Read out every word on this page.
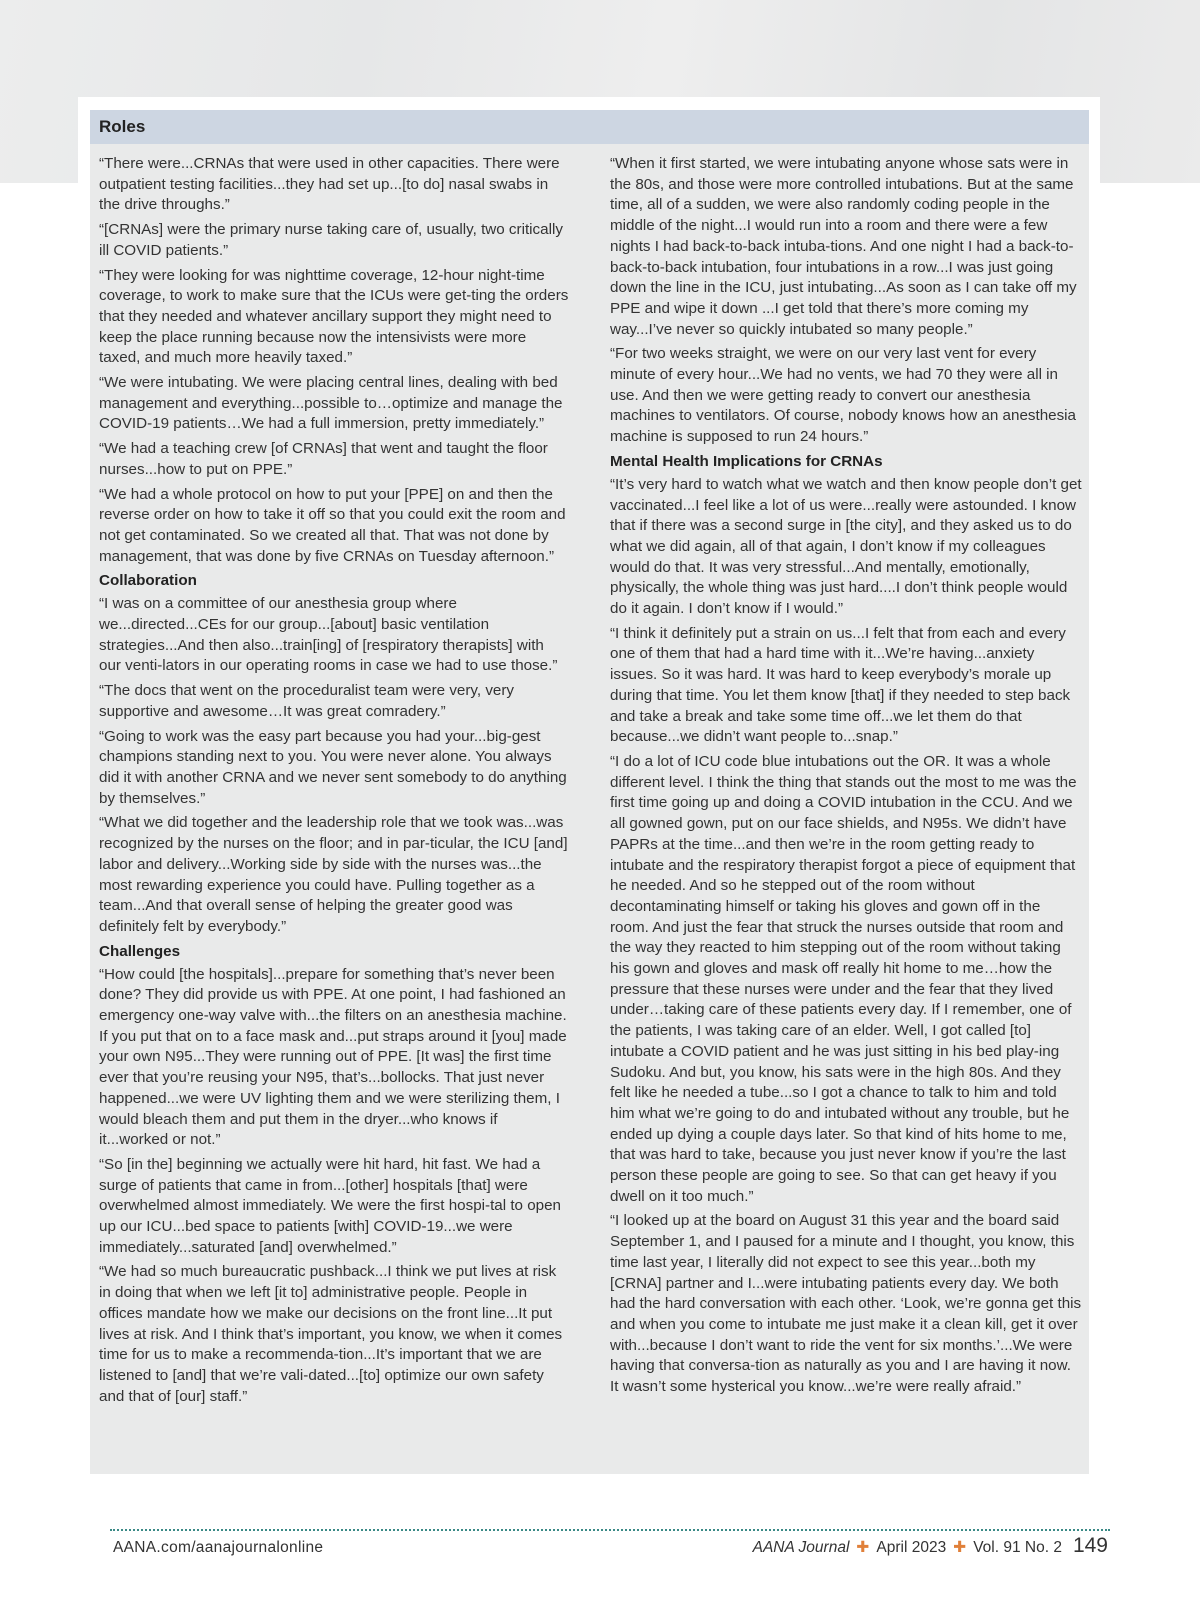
Roles

“There were...CRNAs that were used in other capacities. There were outpatient testing facilities...they had set up...[to do] nasal swabs in the drive throughs.”

“[CRNAs] were the primary nurse taking care of, usually, two critically ill COVID patients.”

“They were looking for was nighttime coverage, 12-hour night-time coverage, to work to make sure that the ICUs were get-ting the orders that they needed and whatever ancillary support they might need to keep the place running because now the intensivists were more taxed, and much more heavily taxed.”

“We were intubating. We were placing central lines, dealing with bed management and everything...possible to…optimize and manage the COVID-19 patients…We had a full immersion, pretty immediately.”

“We had a teaching crew [of CRNAs] that went and taught the floor nurses...how to put on PPE.”

“We had a whole protocol on how to put your [PPE] on and then the reverse order on how to take it off so that you could exit the room and not get contaminated. So we created all that. That was not done by management, that was done by five CRNAs on Tuesday afternoon.”

Collaboration

“I was on a committee of our anesthesia group where we...directed...CEs for our group...[about] basic ventilation strategies...And then also...train[ing] of [respiratory therapists] with our venti-lators in our operating rooms in case we had to use those.”

“The docs that went on the proceduralist team were very, very supportive and awesome…It was great comradery.”

“Going to work was the easy part because you had your...big-gest champions standing next to you. You were never alone. You always did it with another CRNA and we never sent somebody to do anything by themselves.”

“What we did together and the leadership role that we took was...was recognized by the nurses on the floor; and in par-ticular, the ICU [and] labor and delivery...Working side by side with the nurses was...the most rewarding experience you could have. Pulling together as a team...And that overall sense of helping the greater good was definitely felt by everybody.”

Challenges

“How could [the hospitals]...prepare for something that’s never been done? They did provide us with PPE. At one point, I had fashioned an emergency one-way valve with...the filters on an anesthesia machine. If you put that on to a face mask and...put straps around it [you] made your own N95...They were running out of PPE. [It was] the first time ever that you’re reusing your N95, that’s...bollocks. That just never happened...we were UV lighting them and we were sterilizing them, I would bleach them and put them in the dryer...who knows if it...worked or not.”

“So [in the] beginning we actually were hit hard, hit fast. We had a surge of patients that came in from...[other] hospitals [that] were overwhelmed almost immediately. We were the first hospi-tal to open up our ICU...bed space to patients [with] COVID-19...we were immediately...saturated [and] overwhelmed.”

“We had so much bureaucratic pushback...I think we put lives at risk in doing that when we left [it to] administrative people. People in offices mandate how we make our decisions on the front line...It put lives at risk. And I think that’s important, you know, we when it comes time for us to make a recommenda-tion...It’s important that we are listened to [and] that we’re vali-dated...[to] optimize our own safety and that of [our] staff.”

“When it first started, we were intubating anyone whose sats were in the 80s, and those were more controlled intubations. But at the same time, all of a sudden, we were also randomly coding people in the middle of the night...I would run into a room and there were a few nights I had back-to-back intuba-tions. And one night I had a back-to-back-to-back intubation, four intubations in a row...I was just going down the line in the ICU, just intubating...As soon as I can take off my PPE and wipe it down ...I get told that there’s more coming my way...I’ve never so quickly intubated so many people.”

“For two weeks straight, we were on our very last vent for every minute of every hour...We had no vents, we had 70 they were all in use. And then we were getting ready to convert our anesthesia machines to ventilators. Of course, nobody knows how an anesthesia machine is supposed to run 24 hours.”

Mental Health Implications for CRNAs

“It’s very hard to watch what we watch and then know people don’t get vaccinated...I feel like a lot of us were...really were astounded. I know that if there was a second surge in [the city], and they asked us to do what we did again, all of that again, I don’t know if my colleagues would do that. It was very stressful...And mentally, emotionally, physically, the whole thing was just hard....I don’t think people would do it again. I don’t know if I would.”

“I think it definitely put a strain on us...I felt that from each and every one of them that had a hard time with it...We’re having...anxiety issues. So it was hard. It was hard to keep everybody’s morale up during that time. You let them know [that] if they needed to step back and take a break and take some time off...we let them do that because...we didn’t want people to...snap.”

“I do a lot of ICU code blue intubations out the OR. It was a whole different level. I think the thing that stands out the most to me was the first time going up and doing a COVID intubation in the CCU. And we all gowned gown, put on our face shields, and N95s. We didn’t have PAPRs at the time...and then we’re in the room getting ready to intubate and the respiratory therapist forgot a piece of equipment that he needed. And so he stepped out of the room without decontaminating himself or taking his gloves and gown off in the room. And just the fear that struck the nurses outside that room and the way they reacted to him stepping out of the room without taking his gown and gloves and mask off really hit home to me…how the pressure that these nurses were under and the fear that they lived under…taking care of these patients every day. If I remember, one of the patients, I was taking care of an elder. Well, I got called [to] intubate a COVID patient and he was just sitting in his bed play-ing Sudoku. And but, you know, his sats were in the high 80s. And they felt like he needed a tube...so I got a chance to talk to him and told him what we’re going to do and intubated without any trouble, but he ended up dying a couple days later. So that kind of hits home to me, that was hard to take, because you just never know if you’re the last person these people are going to see. So that can get heavy if you dwell on it too much.”

“I looked up at the board on August 31 this year and the board said September 1, and I paused for a minute and I thought, you know, this time last year, I literally did not expect to see this year...both my [CRNA] partner and I...were intubating patients every day. We both had the hard conversation with each other. ‘Look, we’re gonna get this and when you come to intubate me just make it a clean kill, get it over with...because I don’t want to ride the vent for six months.’...We were having that conversa-tion as naturally as you and I are having it now. It wasn’t some hysterical you know...we’re were really afraid.”

AANA.com/aanajournalonline	AANA Journal ✚ April 2023 ✚ Vol. 91 No. 2 149
